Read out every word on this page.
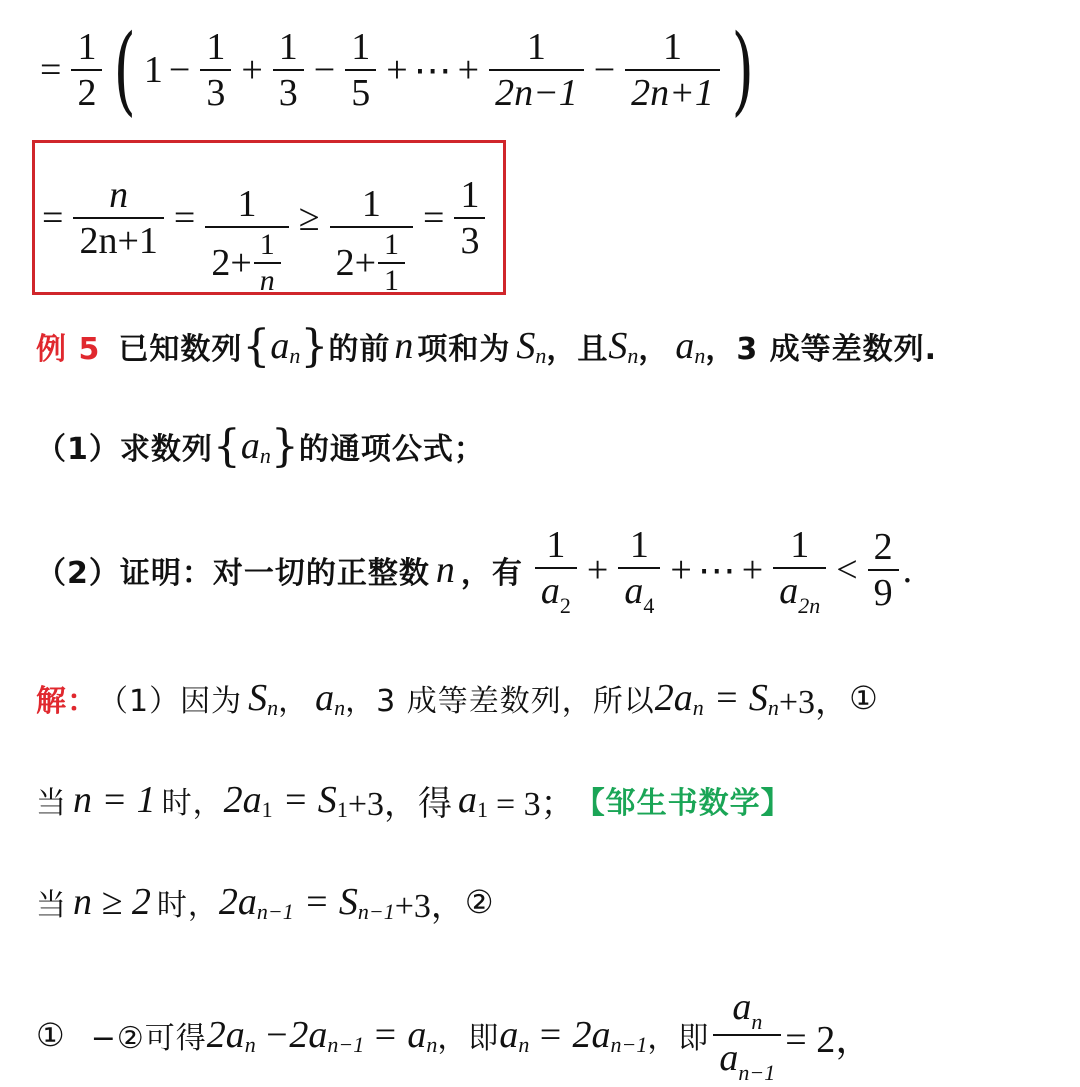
= $\frac{1}{2}$ ( $1 - \frac{1}{3} + \frac{1}{3} - \frac{1}{5}$ + ⋯ + $\frac{1}{2n-1} - \frac{1}{2n+1}$ )
= $\frac{n}{2n+1} = \frac{1}{2+ \frac{1}{n}} \ge \frac{1}{2+ \frac{1}{1}} = \frac{1}{3}$
例 5 已知数列 { a n } 的前 n 项和为 S n ，且 S n ， a n ，3 成等差数列.
（1）求数列 { a n } 的通项公式；
（2）证明：对一切的正整数 n ，有 $\frac{1}{a_2} + \frac{1}{a_4}$ + ⋯ + $\frac{1}{a_{2n}} < \frac{2}{9}$ .
解： （1）因为 S n ， a n ，3 成等差数列，所以 2a n = S n +3， ①
当 n = 1 时， 2a 1 = S 1 +3，得 a 1 = 3； 【邹生书数学】
当 n ≥ 2 时， 2a n−1 = S n−1 +3， ②
① −②可得 2a n −2a n−1 = a n ，即 a n = 2a n−1 ，即 $\frac{a_n}{a_{n-1}} = 2$，
